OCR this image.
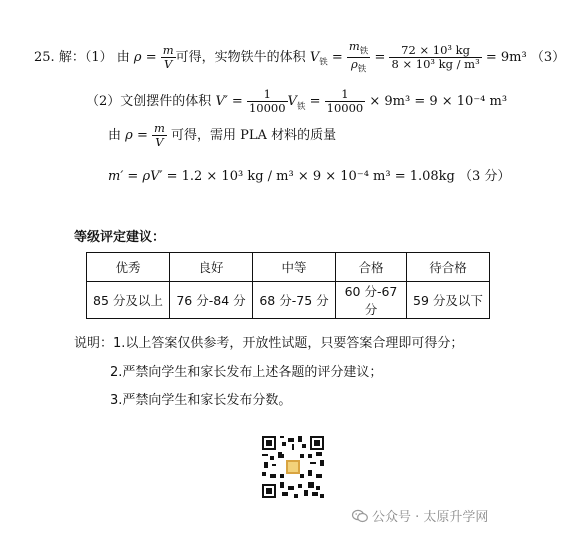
25. 解：（1） 由 $\rho = \frac{m}{V}$ 可得，实物铁牛的体积 $V_铁 = \frac{m_铁}{\rho_铁} = \frac{\text{72 × 10³ kg}}{\text{8 × 10³ kg / m³}} = 9m^3$ （3）
（2）文创摆件的体积 $V' = \frac{1}{10000} V_铁 = \frac{1}{10000} \times 9m^3 = 9 \times 10^{-4}$ m³
由 $\rho = \frac{m}{V}$ 可得，需用 PLA 材料的质量
m′ = ρV′ = 1.2 × 10³ kg / m³ × 9 × 10⁻⁴ m³ = 1.08kg （3 分）
等级评定建议：
优秀	良好	中等	合格	待合格
85 分及以上	76 分-84 分	68 分-75 分	60 分-67 分	59 分及以下
说明：1.以上答案仅供参考，开放性试题，只要答案合理即可得分；
2.严禁向学生和家长发布上述各题的评分建议；
3.严禁向学生和家长发布分数。
公众号 · 太原升学网
